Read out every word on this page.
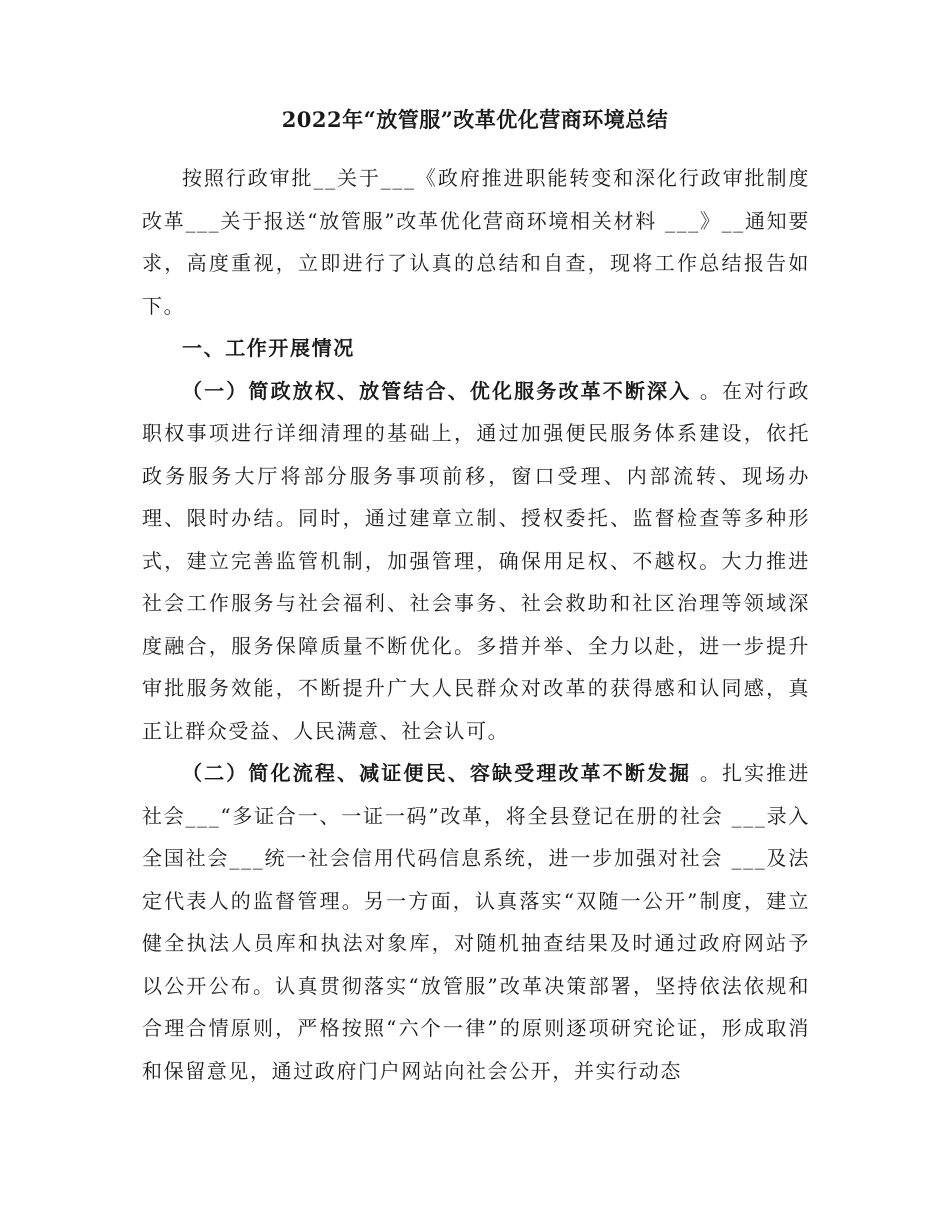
2022年“放管服”改革优化营商环境总结

按照行政审批__关于___《政府推进职能转变和深化行政审批制度改革___关于报送“放管服”改革优化营商环境相关材料 ___》__通知要求，高度重视，立即进行了认真的总结和自查，现将工作总结报告如下。

一、工作开展情况

（一）简政放权、放管结合、优化服务改革不断深入 。在对行政职权事项进行详细清理的基础上，通过加强便民服务体系建设，依托政务服务大厅将部分服务事项前移，窗口受理、内部流转、现场办理、限时办结。同时，通过建章立制、授权委托、监督检查等多种形式，建立完善监管机制，加强管理，确保用足权、不越权。大力推进社会工作服务与社会福利、社会事务、社会救助和社区治理等领域深度融合，服务保障质量不断优化。多措并举、全力以赴，进一步提升审批服务效能，不断提升广大人民群众对改革的获得感和认同感，真正让群众受益、人民满意、社会认可。

（二）简化流程、减证便民、容缺受理改革不断发掘 。扎实推进社会___“多证合一、一证一码”改革，将全县登记在册的社会 ___录入全国社会___统一社会信用代码信息系统，进一步加强对社会 ___及法定代表人的监督管理。另一方面，认真落实“双随一公开”制度，建立健全执法人员库和执法对象库，对随机抽查结果及时通过政府网站予以公开公布。认真贯彻落实“放管服”改革决策部署，坚持依法依规和合理合情原则，严格按照“六个一律”的原则逐项研究论证，形成取消和保留意见，通过政府门户网站向社会公开，并实行动态
